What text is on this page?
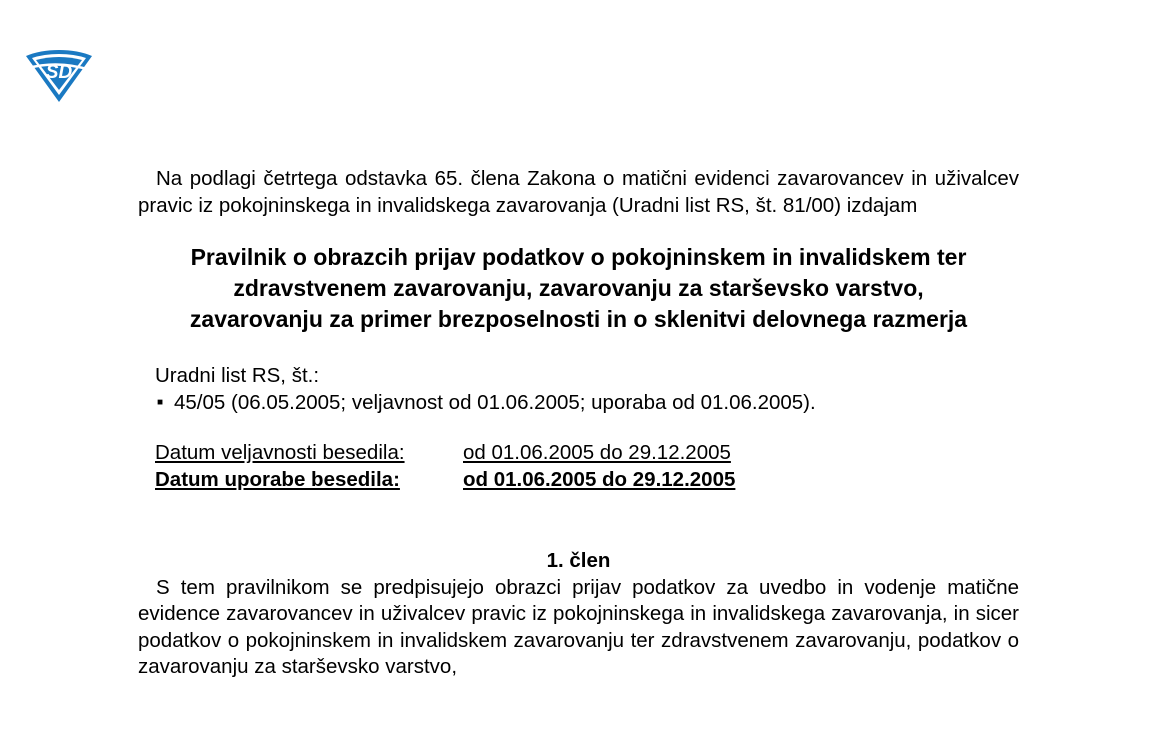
SD

Na podlagi četrtega odstavka 65. člena Zakona o matični evidenci zavarovancev in uživalcev pravic iz pokojninskega in invalidskega zavarovanja (Uradni list RS, št. 81/00) izdajam

Pravilnik o obrazcih prijav podatkov o pokojninskem in invalidskem ter zdravstvenem zavarovanju, zavarovanju za starševsko varstvo, zavarovanju za primer brezposelnosti in o sklenitvi delovnega razmerja
Uradni list RS, št.:
■ 45/05 (06.05.2005; veljavnost od 01.06.2005; uporaba od 01.06.2005).
Datum veljavnosti besedila:	od 01.06.2005 do 29.12.2005
Datum uporabe besedila:	od 01.06.2005 do 29.12.2005
1. člen

S tem pravilnikom se predpisujejo obrazci prijav podatkov za uvedbo in vodenje matične evidence zavarovancev in uživalcev pravic iz pokojninskega in invalidskega zavarovanja, in sicer podatkov o pokojninskem in invalidskem zavarovanju ter zdravstvenem zavarovanju, podatkov o zavarovanju za starševsko varstvo,
